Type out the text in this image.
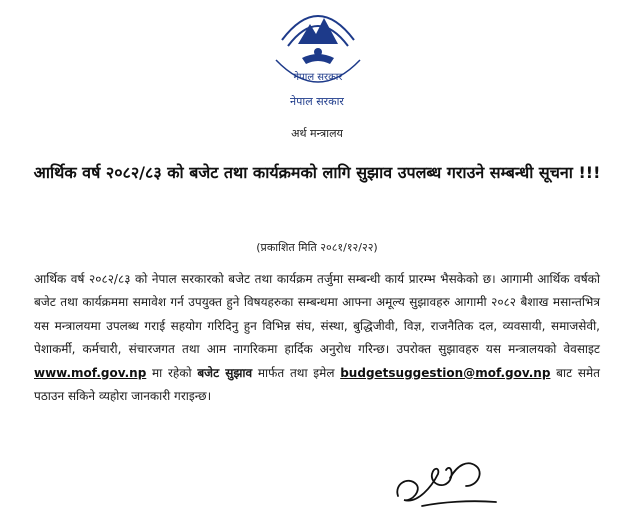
नेपाल सरकार
नेपाल सरकार
अर्थ मन्त्रालय
आर्थिक वर्ष २०८२/८३ को बजेट तथा कार्यक्रमको लागि सुझाव उपलब्ध गराउने सम्बन्धी सूचना !!!
(प्रकाशित मिति २०८१/१२/२२)
आर्थिक वर्ष २०८२/८३ को नेपाल सरकारको बजेट तथा कार्यक्रम तर्जुमा सम्बन्धी कार्य प्रारम्भ भैसकेको छ। आगामी आर्थिक वर्षको बजेट तथा कार्यक्रममा समावेश गर्न उपयुक्त हुने विषयहरुका सम्बन्धमा आफ्ना अमूल्य सुझावहरु आगामी २०८२ बैशाख मसान्तभित्र यस मन्त्रालयमा उपलब्ध गराई सहयोग गरिदिनु हुन विभिन्न संघ, संस्था, बुद्धिजीवी, विज्ञ, राजनैतिक दल, व्यवसायी, समाजसेवी, पेशाकर्मी, कर्मचारी, संचारजगत तथा आम नागरिकमा हार्दिक अनुरोध गरिन्छ। उपरोक्त सुझावहरु यस मन्त्रालयको वेवसाइट www.mof.gov.np मा रहेको बजेट सुझाव मार्फत तथा इमेल budgetsuggestion@mof.gov.np बाट समेत पठाउन सकिने व्यहोरा जानकारी गराइन्छ।
